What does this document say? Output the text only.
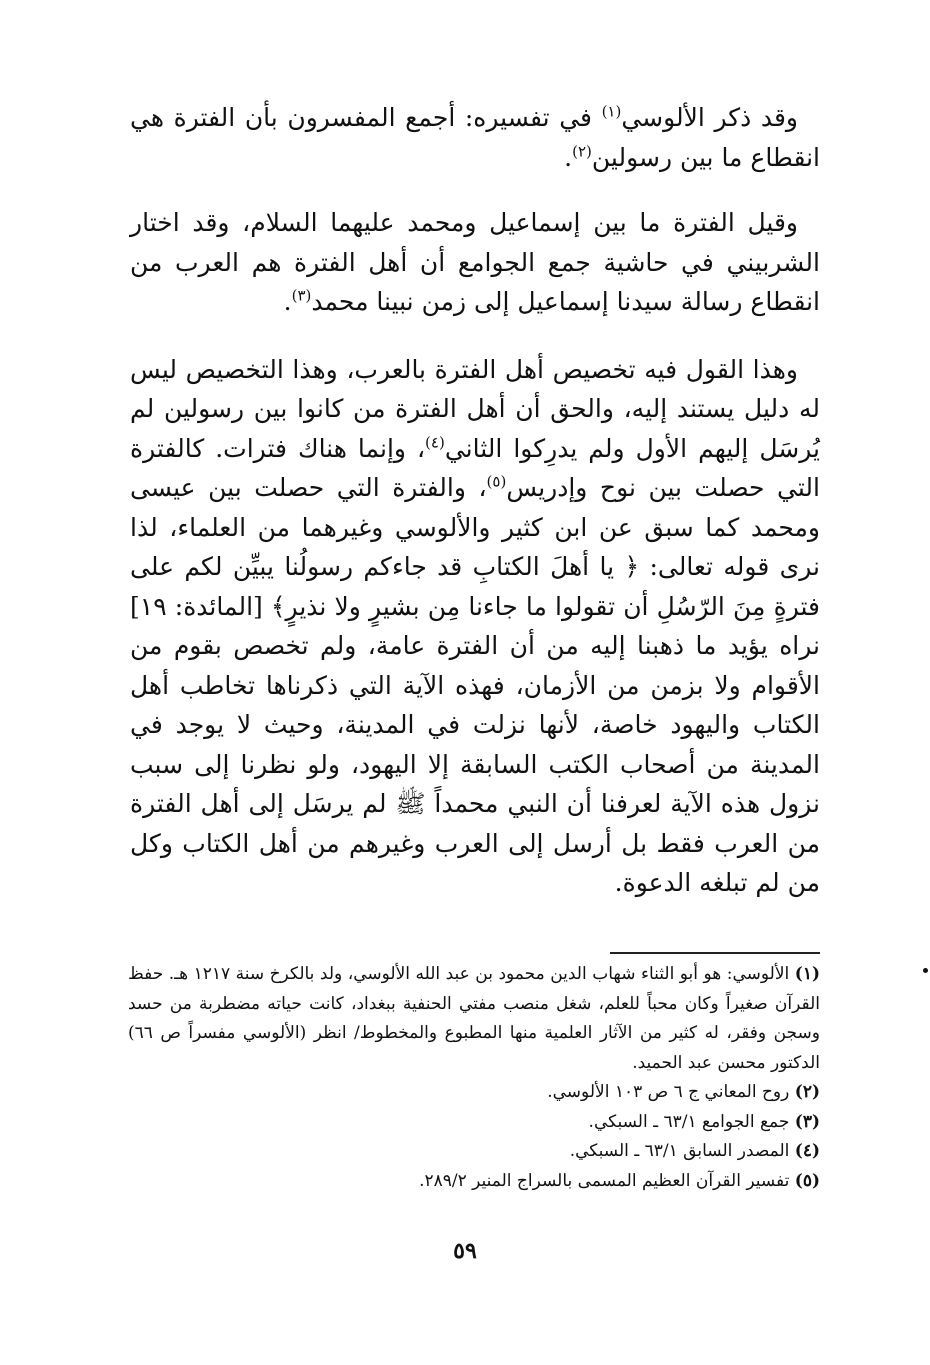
وقد ذكر الألوسي$^{(١)}$ في تفسيره: أجمع المفسرون بأن الفترة هي انقطاع ما بين رسولين$^{(٢)}$.

وقيل الفترة ما بين إسماعيل ومحمد عليهما السلام، وقد اختار الشربيني في حاشية جمع الجوامع أن أهل الفترة هم العرب من انقطاع رسالة سيدنا إسماعيل إلى زمن نبينا محمد$^{(٣)}$.

وهذا القول فيه تخصيص أهل الفترة بالعرب، وهذا التخصيص ليس له دليل يستند إليه، والحق أن أهل الفترة من كانوا بين رسولين لم يُرسَل إليهم الأول ولم يدرِكوا الثاني$^{(٤)}$، وإنما هناك فترات. كالفترة التي حصلت بين نوح وإدريس$^{(٥)}$، والفترة التي حصلت بين عيسى ومحمد كما سبق عن ابن كثير والألوسي وغيرهما من العلماء، لذا نرى قوله تعالى: ﴿ يا أهلَ الكتابِ قد جاءكم رسولُنا يبيِّن لكم على فترةٍ مِنَ الرّسُلِ أن تقولوا ما جاءنا مِن بشيرٍ ولا نذيرٍ﴾ [المائدة: ١٩] نراه يؤيد ما ذهبنا إليه من أن الفترة عامة، ولم تخصص بقوم من الأقوام ولا بزمن من الأزمان، فهذه الآية التي ذكرناها تخاطب أهل الكتاب واليهود خاصة، لأنها نزلت في المدينة، وحيث لا يوجد في المدينة من أصحاب الكتب السابقة إلا اليهود، ولو نظرنا إلى سبب نزول هذه الآية لعرفنا أن النبي محمداً ﷺ لم يرسَل إلى أهل الفترة من العرب فقط بل أرسل إلى العرب وغيرهم من أهل الكتاب وكل من لم تبلغه الدعوة.

(١) الألوسي: هو أبو الثناء شهاب الدين محمود بن عبد الله الألوسي، ولد بالكرخ سنة ١٢١٧ هـ. حفظ القرآن صغيراً وكان محباً للعلم، شغل منصب مفتي الحنفية ببغداد، كانت حياته مضطربة من حسد وسجن وفقر، له كثير من الآثار العلمية منها المطبوع والمخطوط/ انظر (الألوسي مفسراً ص ٦٦) الدكتور محسن عبد الحميد.

(٢) روح المعاني ج ٦ ص ١٠٣ الألوسي.

(٣) جمع الجوامع ٦٣/١ ـ السبكي.

(٤) المصدر السابق ٦٣/١ ـ السبكي.

(٥) تفسير القرآن العظيم المسمى بالسراج المنير ٢٨٩/٢.

٥٩
